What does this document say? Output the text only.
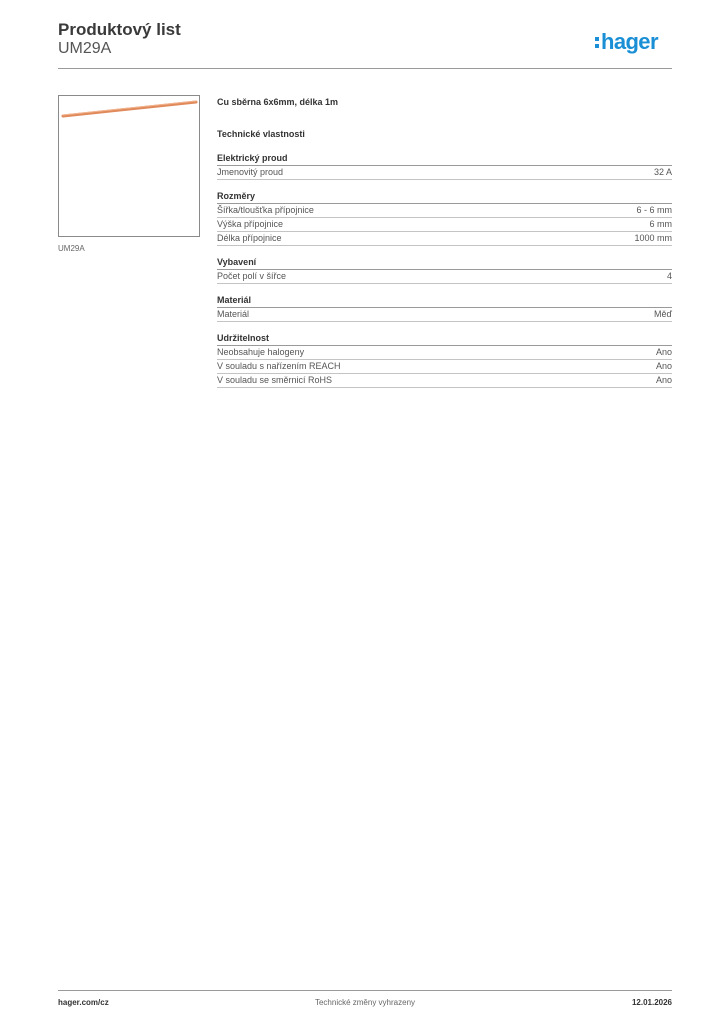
Produktový list
UM29A	hager
UM29A
Cu sběrna 6x6mm, délka 1m
Technické vlastnosti
Elektrický proud
Jmenovitý proud	32 A
Rozměry
Šířka/tloušťka přípojnice	6 - 6 mm
Výška přípojnice	6 mm
Délka přípojnice	1000 mm
Vybavení
Počet polí v šířce	4
Materiál
Materiál	Měď
Udržitelnost
Neobsahuje halogeny	Ano
V souladu s nařízením REACH	Ano
V souladu se směrnicí RoHS	Ano
Technické změny vyhrazeny
hager.com/cz	12.01.2026
